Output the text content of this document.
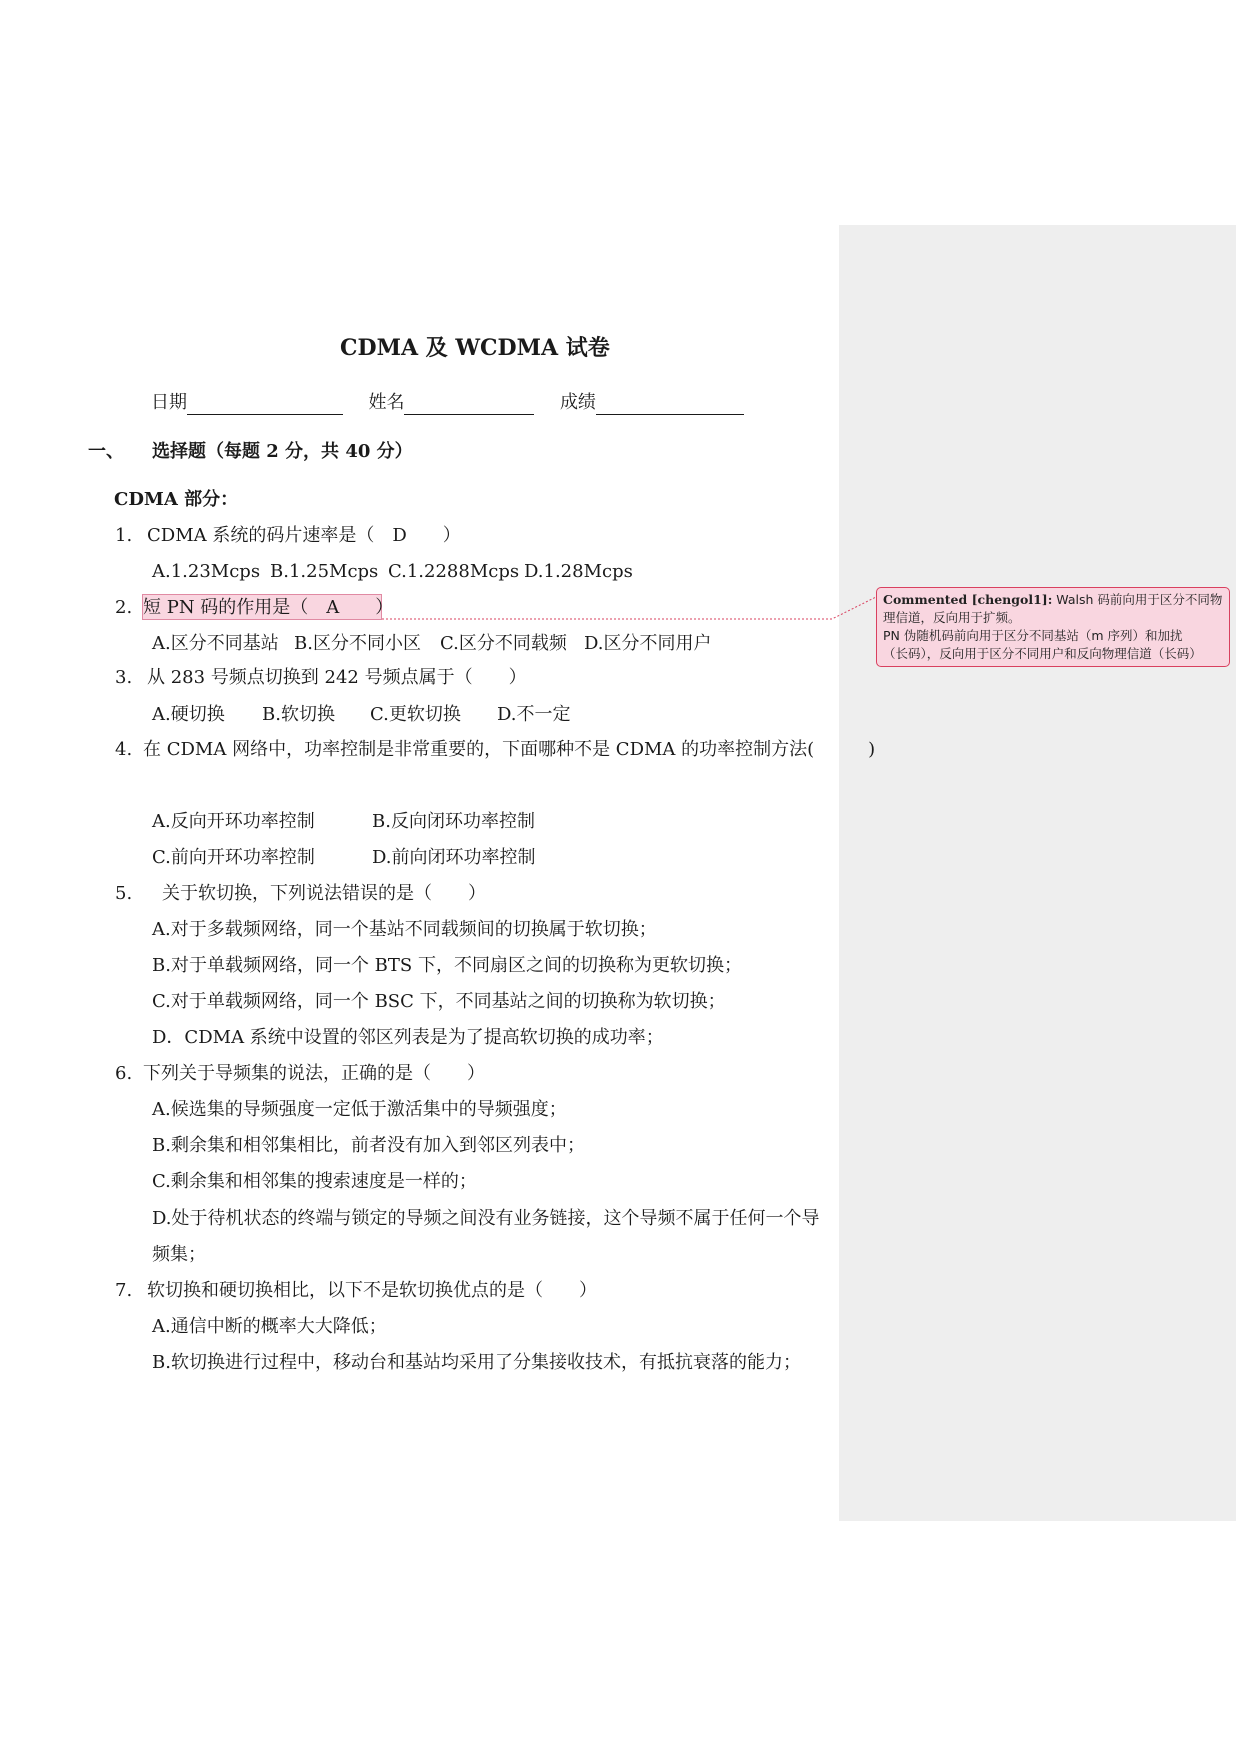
CDMA 及 WCDMA 试卷
日期	姓名	成绩
一、 选择题（每题 2 分，共 40 分）
CDMA 部分：
1. CDMA 系统的码片速率是（　D　　）
A.1.23Mcps B.1.25Mcps C.1.2288Mcps D.1.28Mcps
2. 短 PN 码的作用是（　A　　）
A.区分不同基站 B.区分不同小区 C.区分不同载频 D.区分不同用户
3. 从 283 号频点切换到 242 号频点属于（　　）
A.硬切换 B.软切换 C.更软切换 D.不一定
4. 在 CDMA 网络中，功率控制是非常重要的，下面哪种不是 CDMA 的功率控制方法(　　　)
A.反向开环功率控制	B.反向闭环功率控制
C.前向开环功率控制	D.前向闭环功率控制
5. 关于软切换，下列说法错误的是（　　）
A.对于多载频网络，同一个基站不同载频间的切换属于软切换；
B.对于单载频网络，同一个 BTS 下，不同扇区之间的切换称为更软切换；
C.对于单载频网络，同一个 BSC 下，不同基站之间的切换称为软切换；
D．CDMA 系统中设置的邻区列表是为了提高软切换的成功率；
6. 下列关于导频集的说法，正确的是（　　）
A.候选集的导频强度一定低于激活集中的导频强度；
B.剩余集和相邻集相比，前者没有加入到邻区列表中；
C.剩余集和相邻集的搜索速度是一样的；
D.处于待机状态的终端与锁定的导频之间没有业务链接，这个导频不属于任何一个导
频集；
7. 软切换和硬切换相比，以下不是软切换优点的是（　　）
A.通信中断的概率大大降低；
B.软切换进行过程中，移动台和基站均采用了分集接收技术，有抵抗衰落的能力；
Commented [chengol1]: Walsh 码前向用于区分不同物
理信道，反向用于扩频。
PN 伪随机码前向用于区分不同基站（m 序列）和加扰
（长码），反向用于区分不同用户和反向物理信道（长码）
